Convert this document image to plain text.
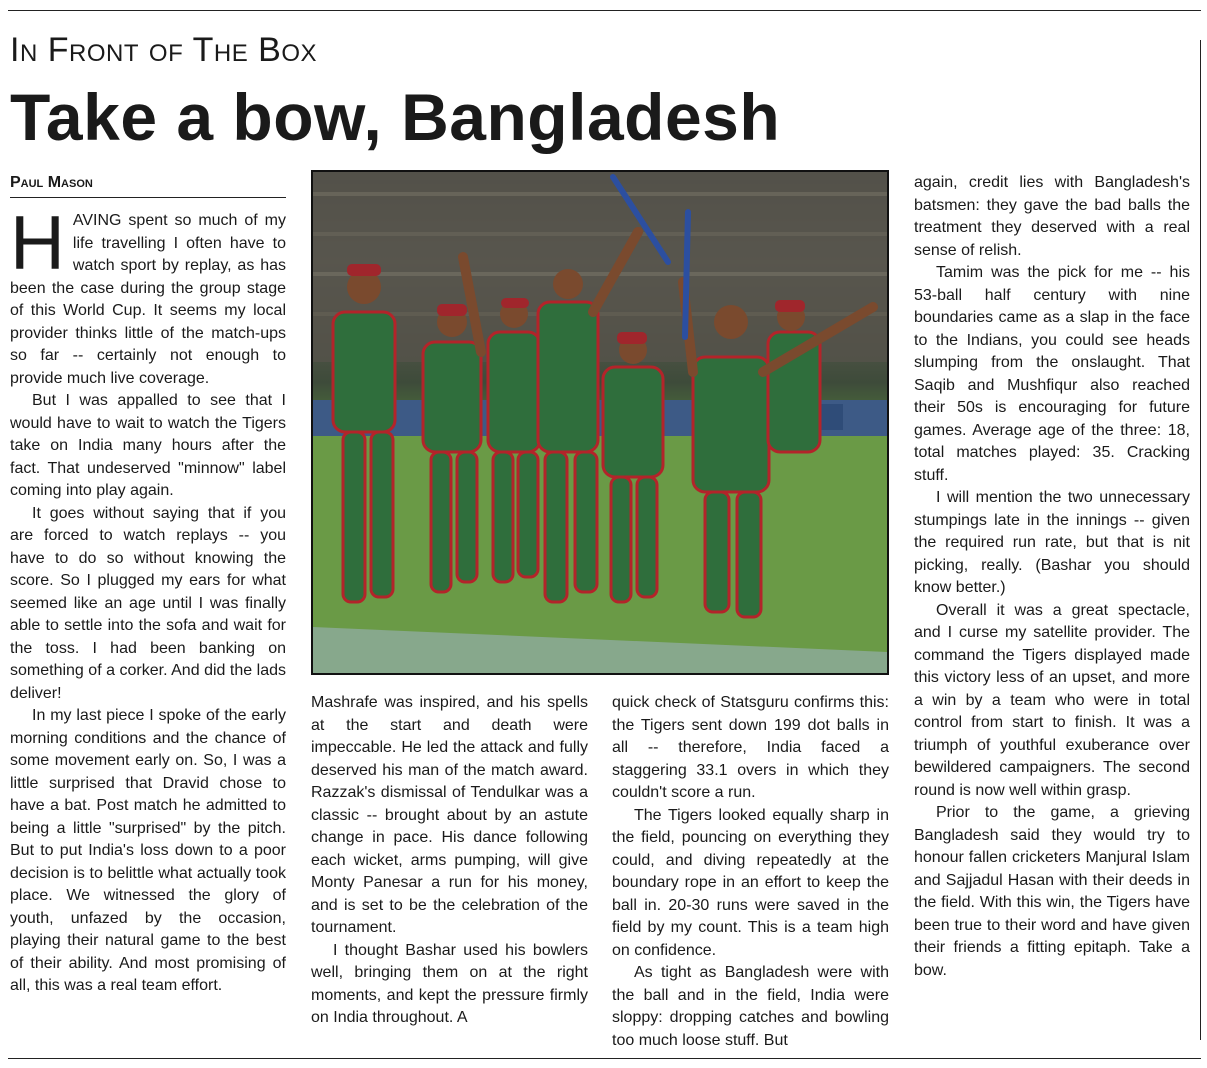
In Front of The Box
Take a bow, Bangladesh
Paul Mason
H AVING spent so much of my life travelling I often have to watch sport by replay, as has been the case during the group stage of this World Cup. It seems my local provider thinks little of the match-ups so far -- certainly not enough to provide much live coverage.

But I was appalled to see that I would have to wait to watch the Tigers take on India many hours after the fact. That undeserved "minnow" label coming into play again.

It goes without saying that if you are forced to watch replays -- you have to do so without knowing the score. So I plugged my ears for what seemed like an age until I was finally able to settle into the sofa and wait for the toss. I had been banking on something of a corker. And did the lads deliver!

In my last piece I spoke of the early morning conditions and the chance of some movement early on. So, I was a little surprised that Dravid chose to have a bat. Post match he admitted to being a little "surprised" by the pitch. But to put India's loss down to a poor decision is to belittle what actually took place. We witnessed the glory of youth, unfazed by the occasion, playing their natural game to the best of their ability. And most promising of all, this was a real team effort.

Mashrafe was inspired, and his spells at the start and death were impeccable. He led the attack and fully deserved his man of the match award. Razzak's dismissal of Tendulkar was a classic -- brought about by an astute change in pace. His dance following each wicket, arms pumping, will give Monty Panesar a run for his money, and is set to be the celebration of the tournament.

I thought Bashar used his bowlers well, bringing them on at the right moments, and kept the pressure firmly on India throughout. A

quick check of Statsguru confirms this: the Tigers sent down 199 dot balls in all -- therefore, India faced a staggering 33.1 overs in which they couldn't score a run.

The Tigers looked equally sharp in the field, pouncing on everything they could, and diving repeatedly at the boundary rope in an effort to keep the ball in. 20-30 runs were saved in the field by my count. This is a team high on confidence.

As tight as Bangladesh were with the ball and in the field, India were sloppy: dropping catches and bowling too much loose stuff. But

again, credit lies with Bangladesh's batsmen: they gave the bad balls the treatment they deserved with a real sense of relish.

Tamim was the pick for me -- his 53-ball half century with nine boundaries came as a slap in the face to the Indians, you could see heads slumping from the onslaught. That Saqib and Mushfiqur also reached their 50s is encouraging for future games. Average age of the three: 18, total matches played: 35. Cracking stuff.

I will mention the two unnecessary stumpings late in the innings -- given the required run rate, but that is nit picking, really. (Bashar you should know better.)

Overall it was a great spectacle, and I curse my satellite provider. The command the Tigers displayed made this victory less of an upset, and more a win by a team who were in total control from start to finish. It was a triumph of youthful exuberance over bewildered campaigners. The second round is now well within grasp.

Prior to the game, a grieving Bangladesh said they would try to honour fallen cricketers Manjural Islam and Sajjadul Hasan with their deeds in the field. With this win, the Tigers have been true to their word and have given their friends a fitting epitaph. Take a bow.
